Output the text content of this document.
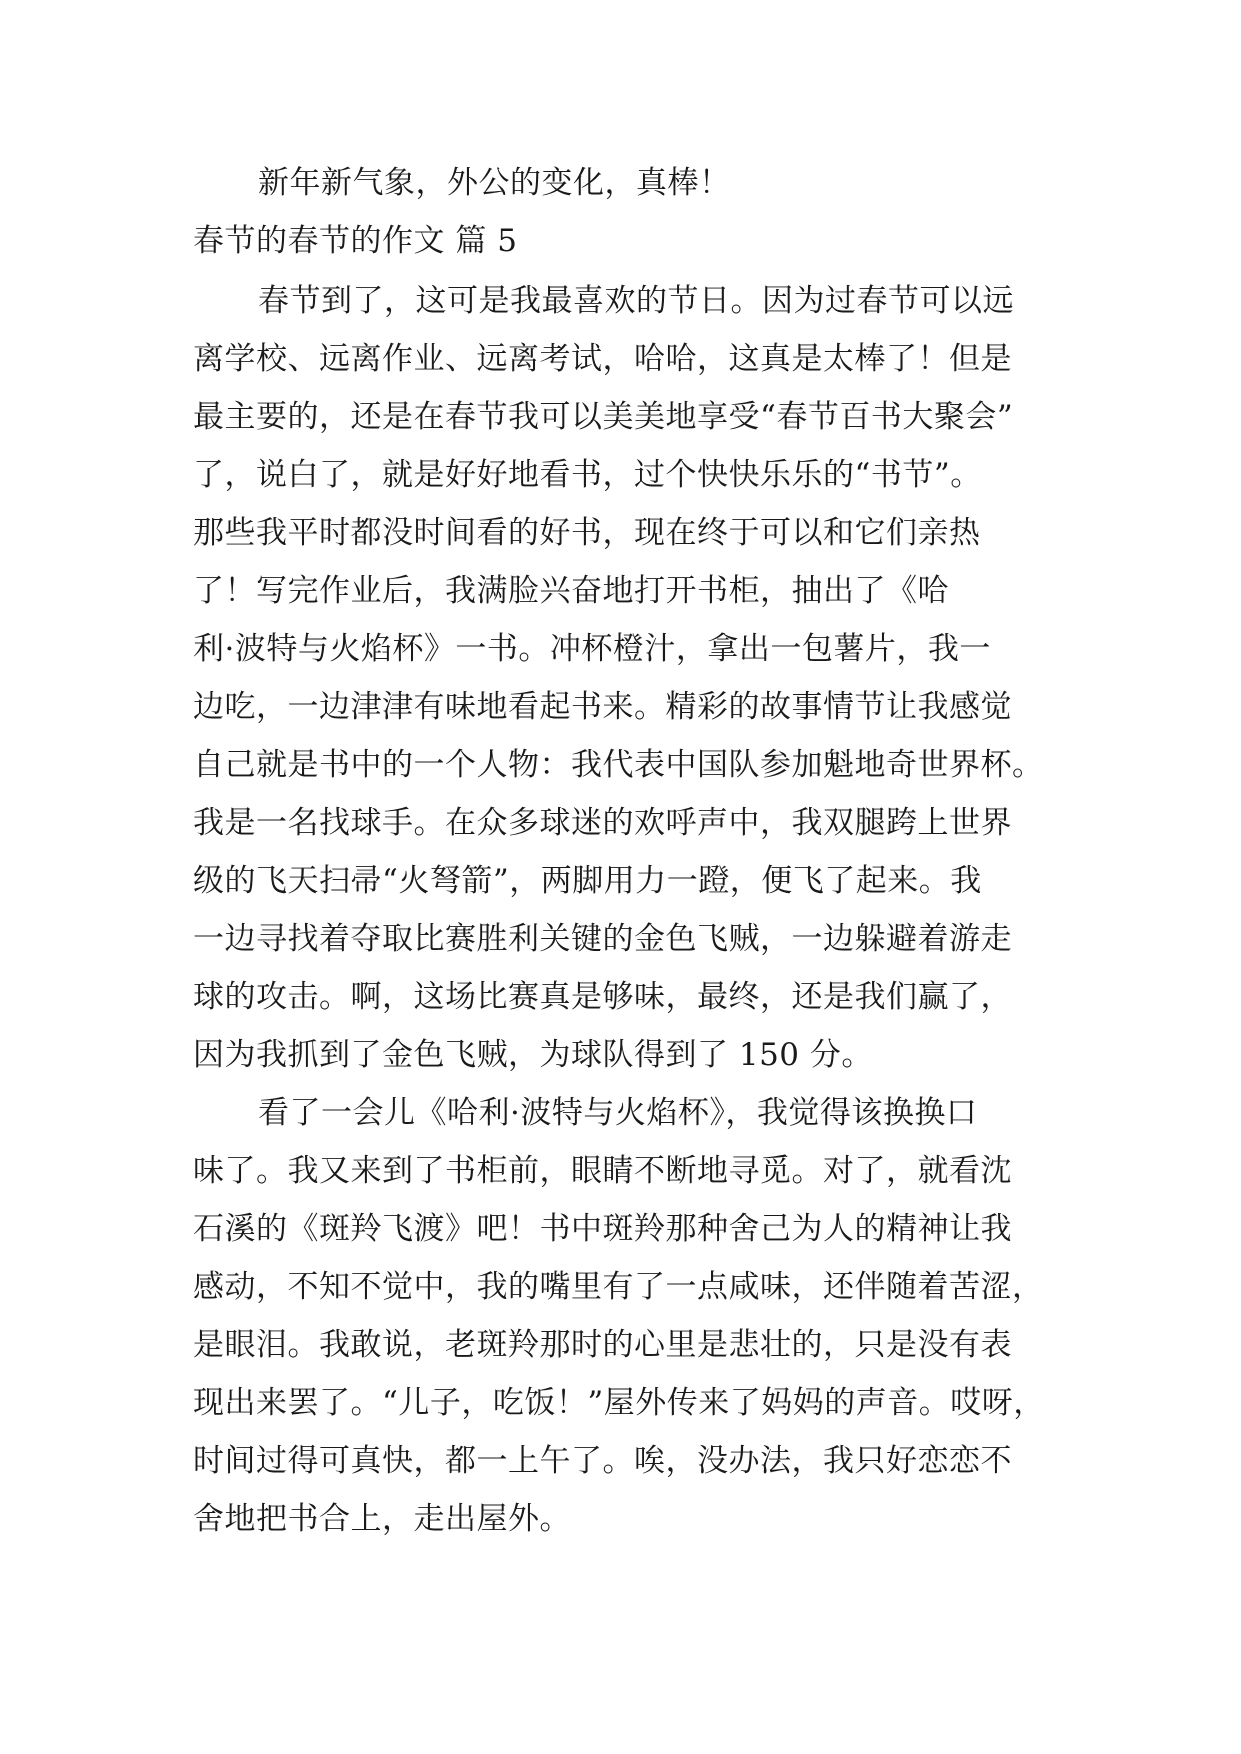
新年新气象，外公的变化，真棒！
春节的春节的作文 篇 5
春节到了，这可是我最喜欢的节日。因为过春节可以远
离学校、远离作业、远离考试，哈哈，这真是太棒了！但是
最主要的，还是在春节我可以美美地享受“春节百书大聚会”
了，说白了，就是好好地看书，过个快快乐乐的“书节”。
那些我平时都没时间看的好书，现在终于可以和它们亲热
了！写完作业后，我满脸兴奋地打开书柜，抽出了《哈
利·波特与火焰杯》一书。冲杯橙汁，拿出一包薯片，我一
边吃，一边津津有味地看起书来。精彩的故事情节让我感觉
自己就是书中的一个人物：我代表中国队参加魁地奇世界杯。
我是一名找球手。在众多球迷的欢呼声中，我双腿跨上世界
级的飞天扫帚“火弩箭”，两脚用力一蹬，便飞了起来。我
一边寻找着夺取比赛胜利关键的金色飞贼，一边躲避着游走
球的攻击。啊，这场比赛真是够味，最终，还是我们赢了，
因为我抓到了金色飞贼，为球队得到了 150 分。
看了一会儿《哈利·波特与火焰杯》，我觉得该换换口
味了。我又来到了书柜前，眼睛不断地寻觅。对了，就看沈
石溪的《斑羚飞渡》吧！书中斑羚那种舍己为人的精神让我
感动，不知不觉中，我的嘴里有了一点咸味，还伴随着苦涩，
是眼泪。我敢说，老斑羚那时的心里是悲壮的，只是没有表
现出来罢了。“儿子，吃饭！”屋外传来了妈妈的声音。哎呀，
时间过得可真快，都一上午了。唉，没办法，我只好恋恋不
舍地把书合上，走出屋外。
